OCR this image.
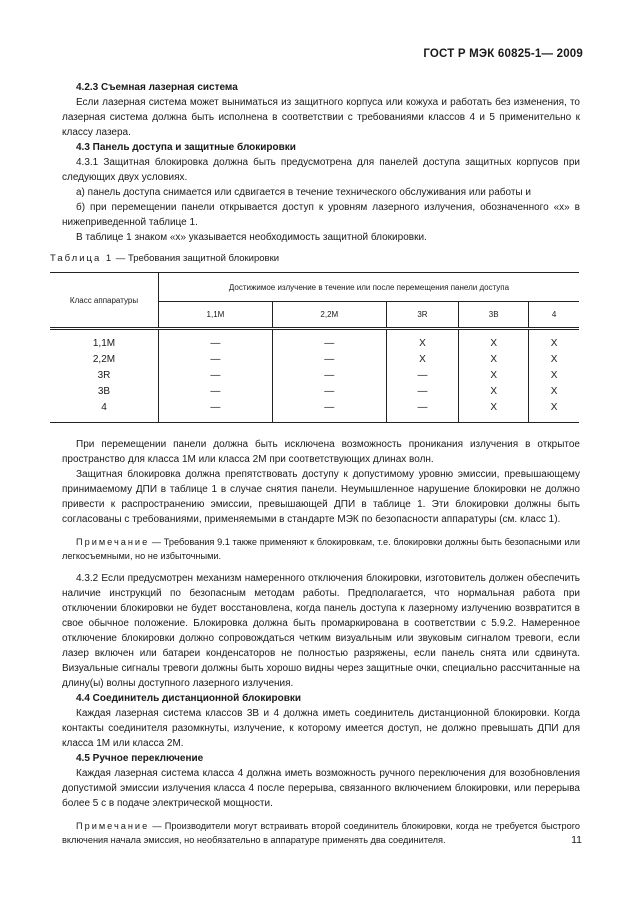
ГОСТ Р МЭК 60825-1— 2009

4.2.3 Съемная лазерная система

Если лазерная система может выниматься из защитного корпуса или кожуха и работать без изменения, то лазерная система должна быть исполнена в соответствии с требованиями классов 4 и 5 применительно к классу лазера.

4.3 Панель доступа и защитные блокировки

4.3.1 Защитная блокировка должна быть предусмотрена для панелей доступа защитных корпусов при следующих двух условиях.

а) панель доступа снимается или сдвигается в течение технического обслуживания или работы и

б) при перемещении панели открывается доступ к уровням лазерного излучения, обозначенного «х» в нижеприведенной таблице 1.

В таблице 1 знаком «х» указывается необходимость защитной блокировки.

Таблица 1 — Требования защитной блокировки

Класс аппаратуры	Достижимое излучение в течение или после перемещения панели доступа				
	1,1M	2,2M	3R	3B	4
1,1M	—	—	X	X	X
2,2M	—	—	X	X	X
3R	—	—	—	X	X
3B	—	—	—	X	X
4	—	—	—	X	X

При перемещении панели должна быть исключена возможность проникания излучения в открытое пространство для класса 1M или класса 2M при соответствующих длинах волн.

Защитная блокировка должна препятствовать доступу к допустимому уровню эмиссии, превышающему принимаемому ДПИ в таблице 1 в случае снятия панели. Неумышленное нарушение блокировки не должно привести к распространению эмиссии, превышающей ДПИ в таблице 1. Эти блокировки должны быть согласованы с требованиями, применяемыми в стандарте МЭК по безопасности аппаратуры (см. класс 1).

Примечание — Требования 9.1 также применяют к блокировкам, т.е. блокировки должны быть безопасными или легкосъемными, но не избыточными.

4.3.2 Если предусмотрен механизм намеренного отключения блокировки, изготовитель должен обеспечить наличие инструкций по безопасным методам работы. Предполагается, что нормальная работа при отключении блокировки не будет восстановлена, когда панель доступа к лазерному излучению возвратится в свое обычное положение. Блокировка должна быть промаркирована в соответствии с 5.9.2. Намеренное отключение блокировки должно сопровождаться четким визуальным или звуковым сигналом тревоги, если лазер включен или батареи конденсаторов не полностью разряжены, если панель снята или сдвинута. Визуальные сигналы тревоги должны быть хорошо видны через защитные очки, специально рассчитанные на длину(ы) волны доступного лазерного излучения.

4.4 Соединитель дистанционной блокировки

Каждая лазерная система классов 3B и 4 должна иметь соединитель дистанционной блокировки. Когда контакты соединителя разомкнуты, излучение, к которому имеется доступ, не должно превышать ДПИ для класса 1M или класса 2M.

4.5 Ручное переключение

Каждая лазерная система класса 4 должна иметь возможность ручного переключения для возобновления допустимой эмиссии излучения класса 4 после перерыва, связанного включением блокировки, или перерыва более 5 с в подаче электрической мощности.

Примечание — Производители могут встраивать второй соединитель блокировки, когда не требуется быстрого включения начала эмиссия, но необязательно в аппаратуре применять два соединителя.	11
